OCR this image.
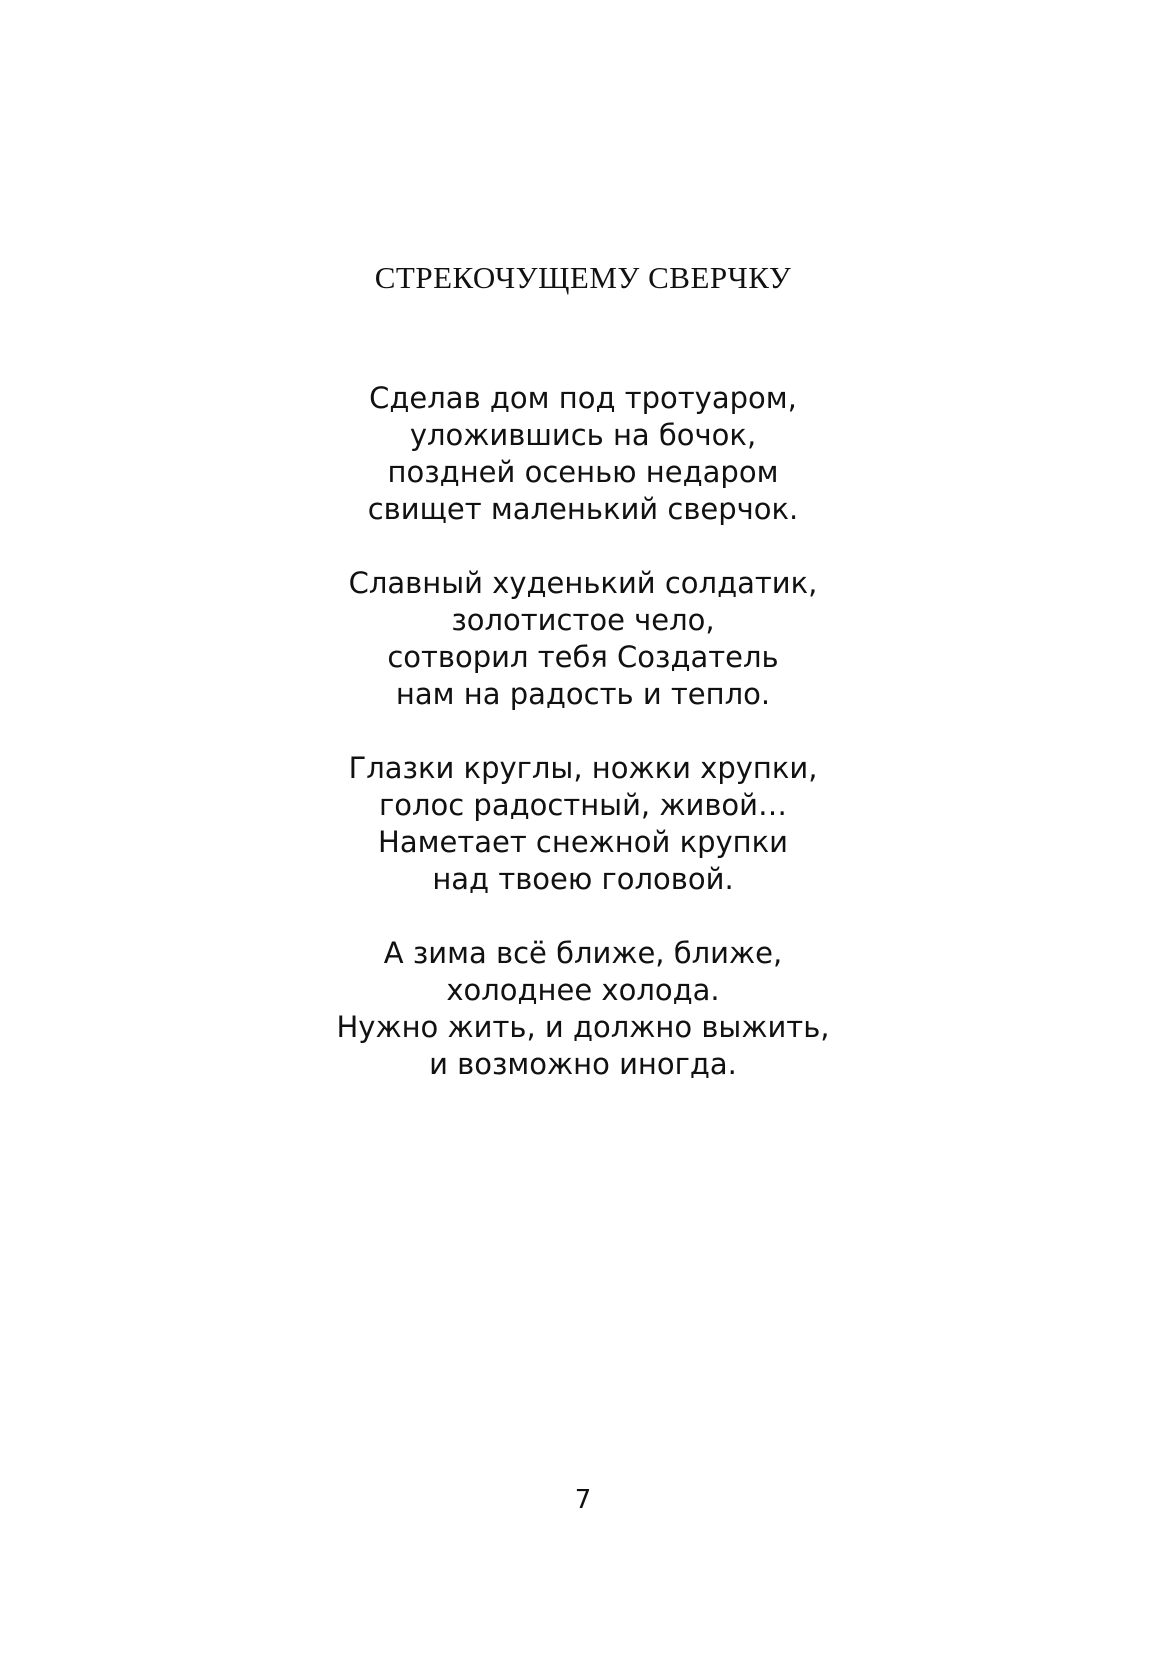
СТРЕКОЧУЩЕМУ СВЕРЧКУ
Сделав дом под тротуаром,
уложившись на бочок,
поздней осенью недаром
свищет маленький сверчок.
Славный худенький солдатик,
золотистое чело,
сотворил тебя Создатель
нам на радость и тепло.
Глазки круглы, ножки хрупки,
голос радостный, живой…
Наметает снежной крупки
над твоею головой.
А зима всё ближе, ближе,
холоднее холода.
Нужно жить, и должно выжить,
и возможно иногда.
7
